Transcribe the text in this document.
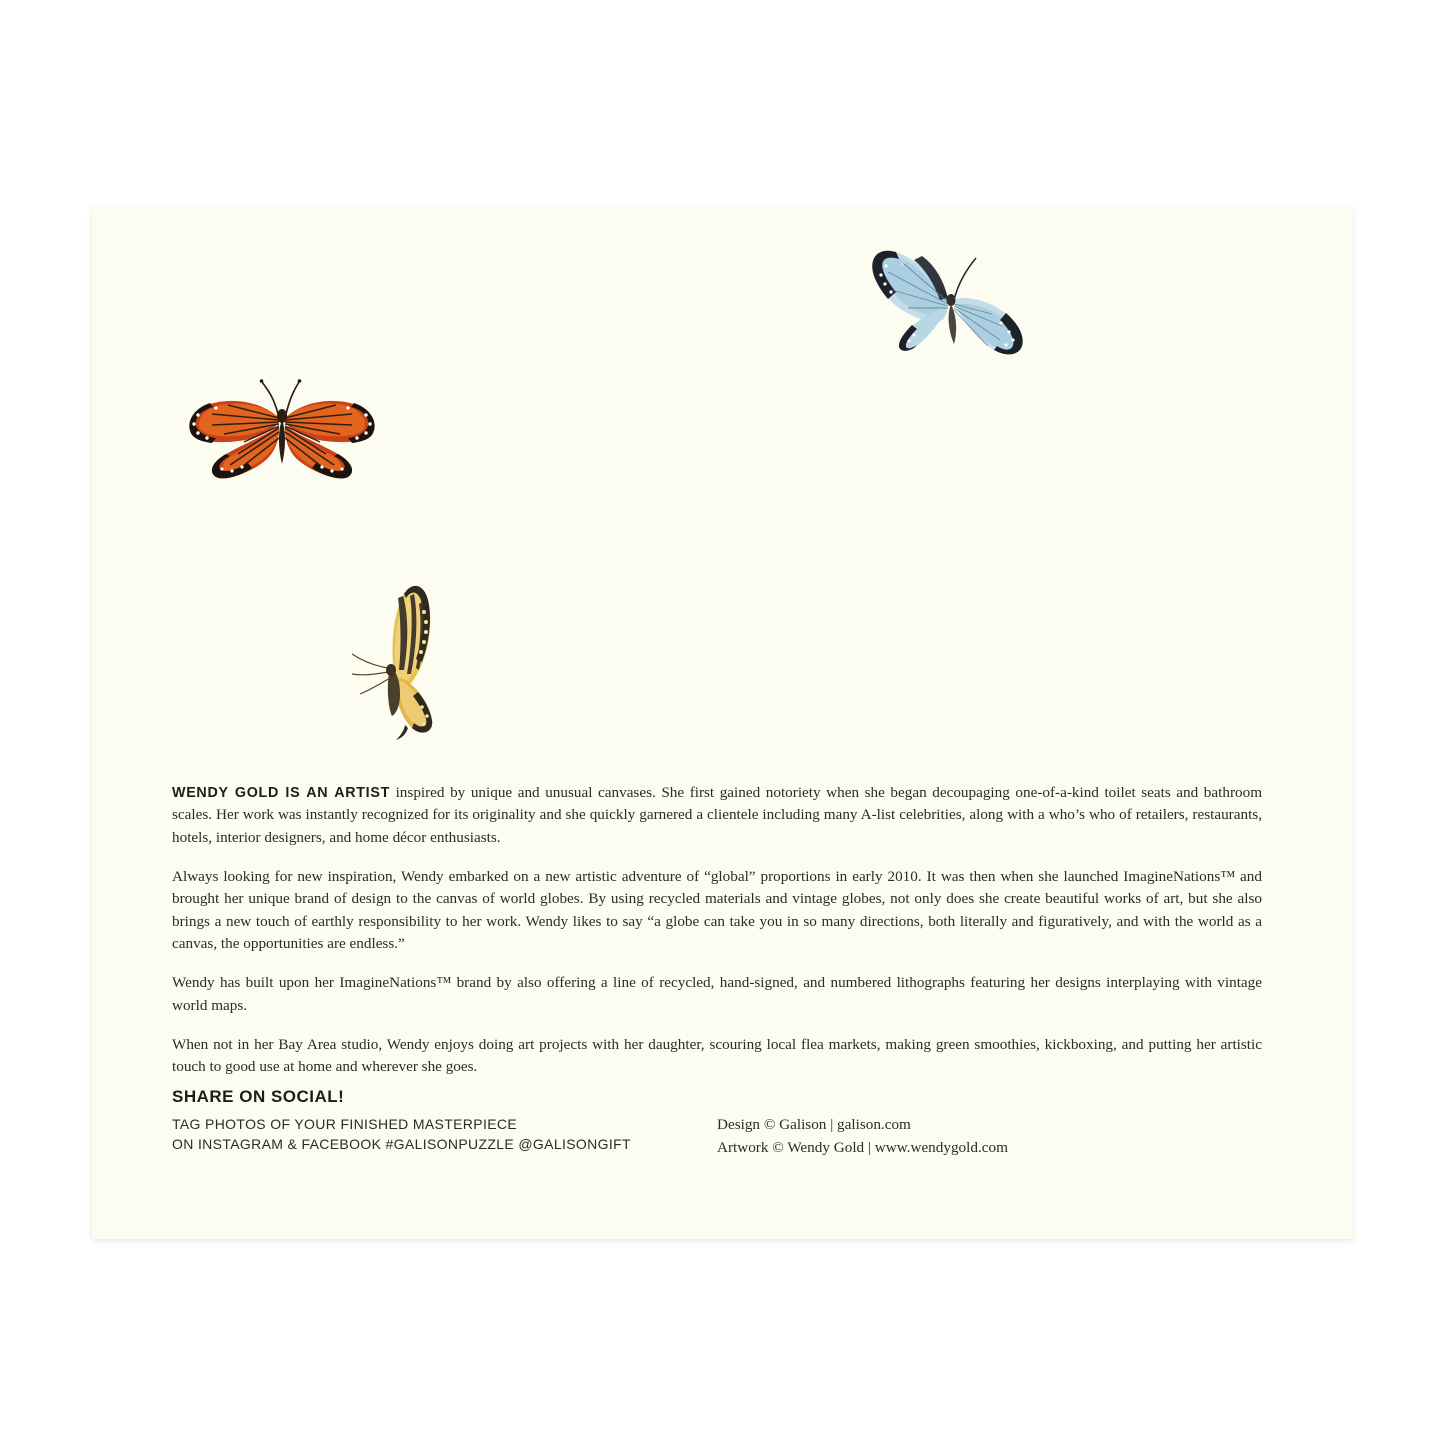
WENDY GOLD IS AN ARTIST inspired by unique and unusual canvases. She first gained notoriety when she began decoupaging one-of-a-kind toilet seats and bathroom scales. Her work was instantly recognized for its originality and she quickly garnered a clientele including many A-list celebrities, along with a who’s who of retailers, restaurants, hotels, interior designers, and home décor enthusiasts.

Always looking for new inspiration, Wendy embarked on a new artistic adventure of “global” proportions in early 2010. It was then when she launched ImagineNations™ and brought her unique brand of design to the canvas of world globes. By using recycled materials and vintage globes, not only does she create beautiful works of art, but she also brings a new touch of earthly responsibility to her work. Wendy likes to say “a globe can take you in so many directions, both literally and figuratively, and with the world as a canvas, the opportunities are endless.”

Wendy has built upon her ImagineNations™ brand by also offering a line of recycled, hand-signed, and numbered lithographs featuring her designs interplaying with vintage world maps.

When not in her Bay Area studio, Wendy enjoys doing art projects with her daughter, scouring local flea markets, making green smoothies, kickboxing, and putting her artistic touch to good use at home and wherever she goes.

SHARE ON SOCIAL!
TAG PHOTOS OF YOUR FINISHED MASTERPIECE
ON INSTAGRAM & FACEBOOK #GALISONPUZZLE @GALISONGIFT
Design © Galison | galison.com
Artwork © Wendy Gold | www.wendygold.com
